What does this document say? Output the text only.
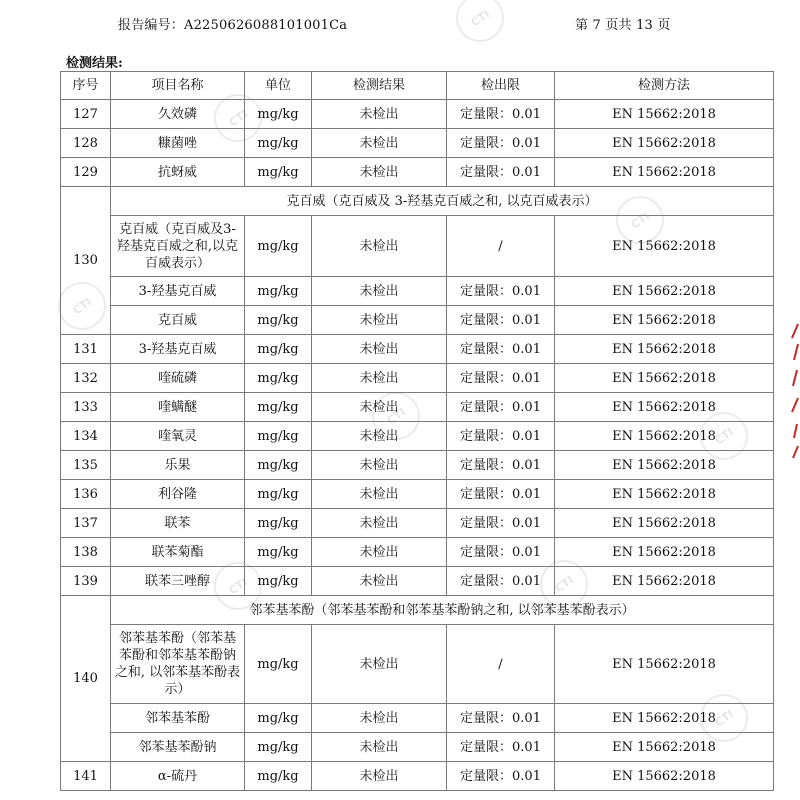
报告编号：A2250626088101001Ca	第 7 页共 13 页
检测结果:
CTI
CTI
CTI
CTI
CTI
CTI
CTI	CTI
CTI
序号	项目名称	单位	检测结果	检出限	检测方法
127	久效磷	mg/kg	未检出	定量限：0.01	EN 15662:2018
128	糠菌唑	mg/kg	未检出	定量限：0.01	EN 15662:2018
129	抗蚜威	mg/kg	未检出	定量限：0.01	EN 15662:2018
130	克百威（克百威及 3-羟基克百威之和, 以克百威表示）				
	克百威（克百威及3-羟基克百威之和,以克百威表示）	mg/kg	未检出	/	EN 15662:2018
	3-羟基克百威	mg/kg	未检出	定量限：0.01	EN 15662:2018
	克百威	mg/kg	未检出	定量限：0.01	EN 15662:2018
131	3-羟基克百威	mg/kg	未检出	定量限：0.01	EN 15662:2018
132	喹硫磷	mg/kg	未检出	定量限：0.01	EN 15662:2018
133	喹螨醚	mg/kg	未检出	定量限：0.01	EN 15662:2018
134	喹氧灵	mg/kg	未检出	定量限：0.01	EN 15662:2018
135	乐果	mg/kg	未检出	定量限：0.01	EN 15662:2018
136	利谷隆	mg/kg	未检出	定量限：0.01	EN 15662:2018
137	联苯	mg/kg	未检出	定量限：0.01	EN 15662:2018
138	联苯菊酯	mg/kg	未检出	定量限：0.01	EN 15662:2018
139	联苯三唑醇	mg/kg	未检出	定量限：0.01	EN 15662:2018
140	邻苯基苯酚（邻苯基苯酚和邻苯基苯酚钠之和, 以邻苯基苯酚表示）				
	邻苯基苯酚（邻苯基苯酚和邻苯基苯酚钠之和, 以邻苯基苯酚表示）	mg/kg	未检出	/	EN 15662:2018
	邻苯基苯酚	mg/kg	未检出	定量限：0.01	EN 15662:2018
	邻苯基苯酚钠	mg/kg	未检出	定量限：0.01	EN 15662:2018
141	α-硫丹	mg/kg	未检出	定量限：0.01	EN 15662:2018
